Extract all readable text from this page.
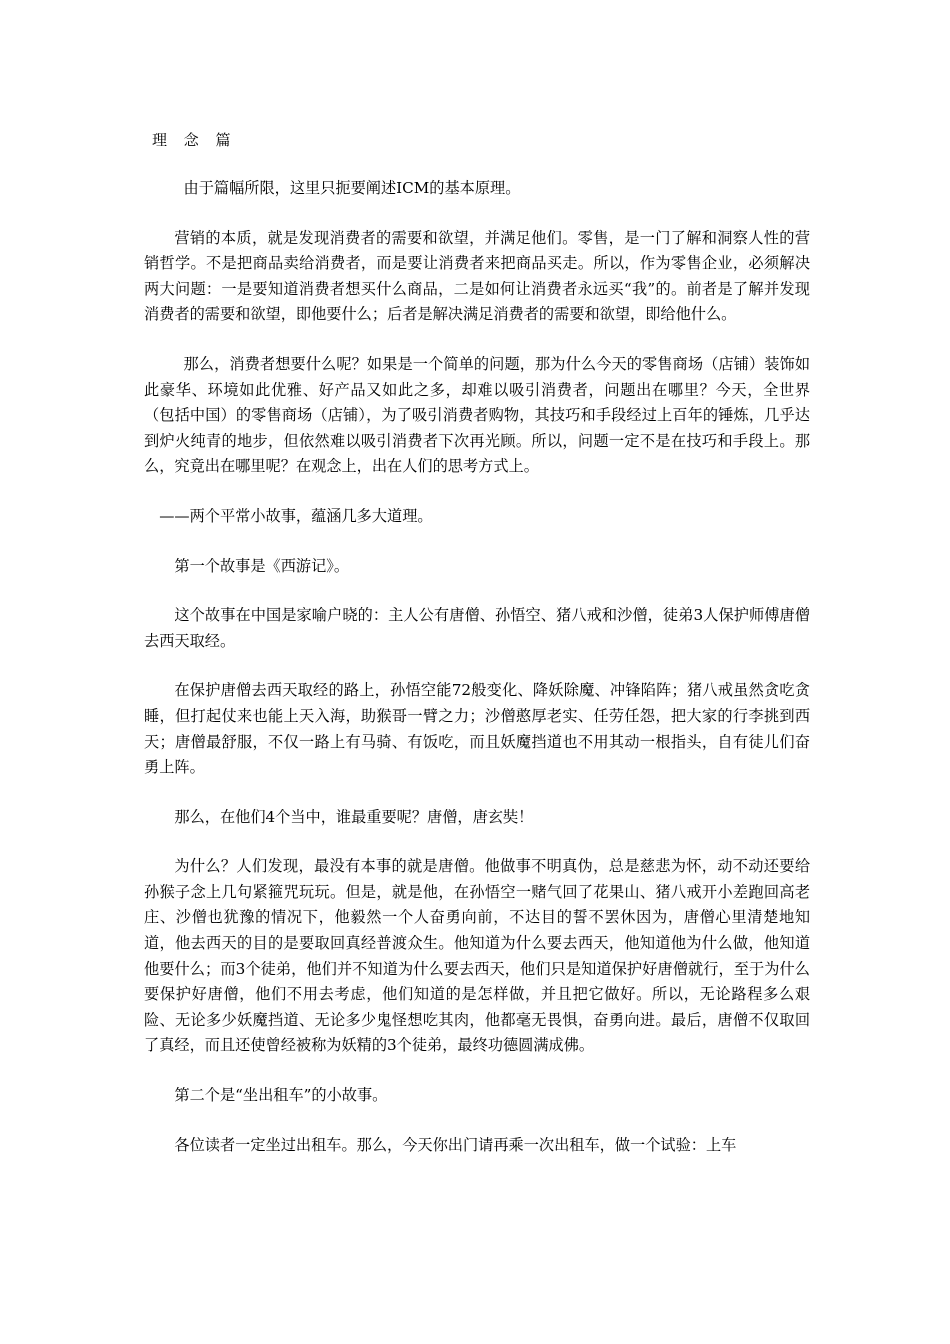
理 念 篇

由于篇幅所限，这里只扼要阐述ICM的基本原理。

营销的本质，就是发现消费者的需要和欲望，并满足他们。零售，是一门了解和洞察人性的营销哲学。不是把商品卖给消费者，而是要让消费者来把商品买走。所以，作为零售企业，必须解决两大问题：一是要知道消费者想买什么商品，二是如何让消费者永远买“我”的。前者是了解并发现消费者的需要和欲望，即他要什么；后者是解决满足消费者的需要和欲望，即给他什么。

那么，消费者想要什么呢？如果是一个简单的问题，那为什么今天的零售商场（店铺）装饰如此豪华、环境如此优雅、好产品又如此之多，却难以吸引消费者，问题出在哪里？今天，全世界（包括中国）的零售商场（店铺），为了吸引消费者购物，其技巧和手段经过上百年的锤炼，几乎达到炉火纯青的地步，但依然难以吸引消费者下次再光顾。所以，问题一定不是在技巧和手段上。那么，究竟出在哪里呢？在观念上，出在人们的思考方式上。

——两个平常小故事，蕴涵几多大道理。

第一个故事是《西游记》。

这个故事在中国是家喻户晓的：主人公有唐僧、孙悟空、猪八戒和沙僧，徒弟3人保护师傅唐僧去西天取经。

在保护唐僧去西天取经的路上，孙悟空能72般变化、降妖除魔、冲锋陷阵；猪八戒虽然贪吃贪睡，但打起仗来也能上天入海，助猴哥一臂之力；沙僧憨厚老实、任劳任怨，把大家的行李挑到西天；唐僧最舒服，不仅一路上有马骑、有饭吃，而且妖魔挡道也不用其动一根指头，自有徒儿们奋勇上阵。

那么，在他们4个当中，谁最重要呢？唐僧，唐玄奘！

为什么？人们发现，最没有本事的就是唐僧。他做事不明真伪，总是慈悲为怀，动不动还要给孙猴子念上几句紧箍咒玩玩。但是，就是他，在孙悟空一赌气回了花果山、猪八戒开小差跑回高老庄、沙僧也犹豫的情况下，他毅然一个人奋勇向前，不达目的誓不罢休因为，唐僧心里清楚地知道，他去西天的目的是要取回真经普渡众生。他知道为什么要去西天，他知道他为什么做，他知道他要什么；而3个徒弟，他们并不知道为什么要去西天，他们只是知道保护好唐僧就行，至于为什么要保护好唐僧，他们不用去考虑，他们知道的是怎样做，并且把它做好。所以，无论路程多么艰险、无论多少妖魔挡道、无论多少鬼怪想吃其肉，他都毫无畏惧，奋勇向进。最后，唐僧不仅取回了真经，而且还使曾经被称为妖精的3个徒弟，最终功德圆满成佛。

第二个是“坐出租车”的小故事。

各位读者一定坐过出租车。那么，今天你出门请再乘一次出租车，做一个试验：上车
